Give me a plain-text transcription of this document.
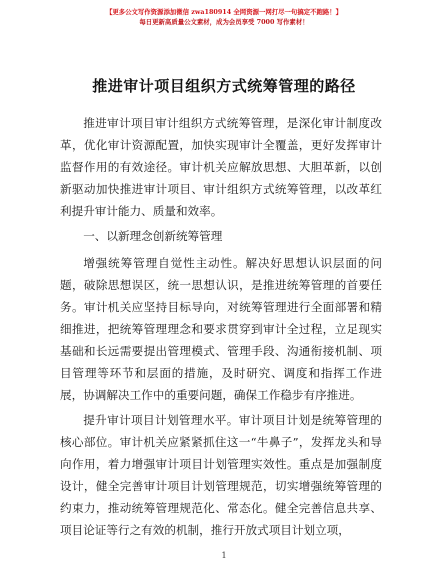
【更多公文写作资源添加微信 zwa180914 全网资源一网打尽一句搞定不跑路！】
每日更新高质量公文素材，成为会员享受 7000 写作素材！
推进审计项目组织方式统筹管理的路径

推进审计项目审计组织方式统筹管理，是深化审计制度改革，优化审计资源配置，加快实现审计全覆盖，更好发挥审计监督作用的有效途径。审计机关应解放思想、大胆革新，以创新驱动加快推进审计项目、审计组织方式统筹管理，以改革红利提升审计能力、质量和效率。

一、以新理念创新统筹管理

增强统筹管理自觉性主动性。解决好思想认识层面的问题，破除思想误区，统一思想认识，是推进统筹管理的首要任务。审计机关应坚持目标导向，对统筹管理进行全面部署和精细推进，把统筹管理理念和要求贯穿到审计全过程，立足现实基础和长远需要提出管理模式、管理手段、沟通衔接机制、项目管理等环节和层面的措施，及时研究、调度和指挥工作进展，协调解决工作中的重要问题，确保工作稳步有序推进。

提升审计项目计划管理水平。审计项目计划是统筹管理的核心部位。审计机关应紧紧抓住这一“牛鼻子”，发挥龙头和导向作用，着力增强审计项目计划管理实效性。重点是加强制度设计，健全完善审计项目计划管理规范，切实增强统筹管理的约束力，推动统筹管理规范化、常态化。健全完善信息共享、项目论证等行之有效的机制，推行开放式项目计划立项，

1
